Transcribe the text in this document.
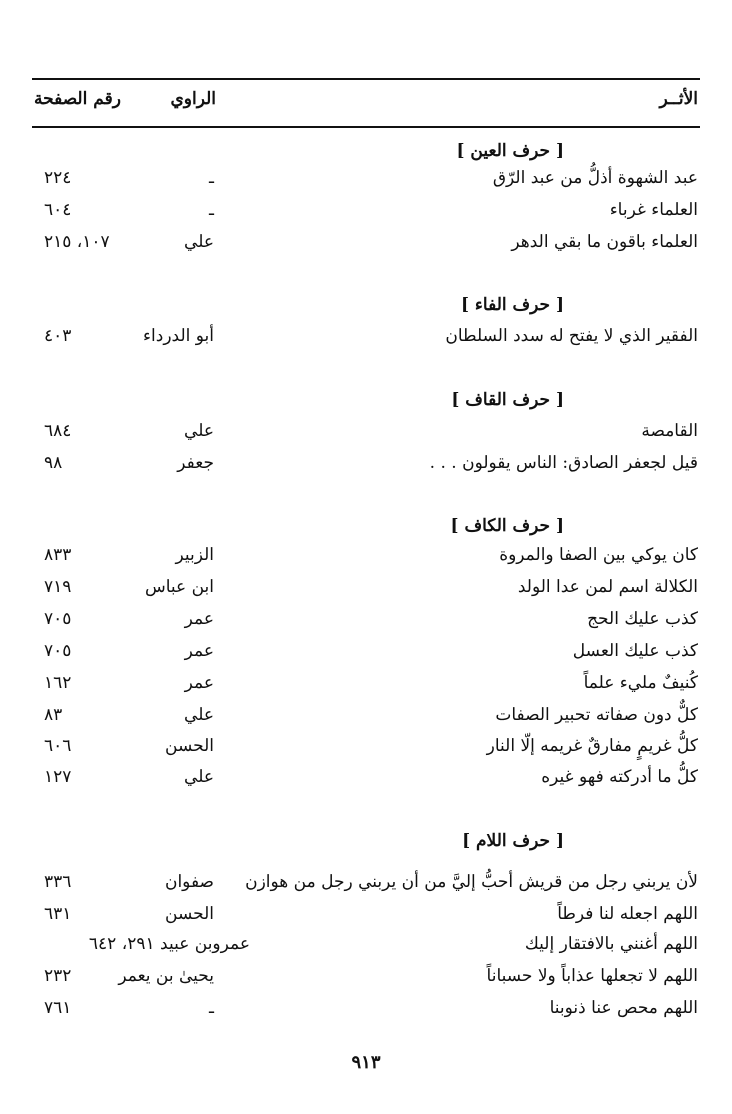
الأثــر
الراوي
رقم الصفحة
[ حرف العين ]
عبد الشهوة أذلُّ من عبد الرّق
ـ
٢٢٤
العلماء غرباء
ـ
٦٠٤
العلماء باقون ما بقي الدهر
علي
١٠٧، ٢١٥
[ حرف الفاء ]
الفقير الذي لا يفتح له سدد السلطان
أبو الدرداء
٤٠٣
[ حرف القاف ]
القامصة
علي
٦٨٤
قيل لجعفر الصادق: الناس يقولون . . .
جعفر
٩٨
[ حرف الكاف ]
كان يوكي بين الصفا والمروة
الزبير
٨٣٣
الكلالة اسم لمن عدا الولد
ابن عباس
٧١٩
كذب عليك الحج
عمر
٧٠٥
كذب عليك العسل
عمر
٧٠٥
كُنيفٌ مليء علماً
عمر
١٦٢
كلٌّ دون صفاته تحبير الصفات
علي
٨٣
كلُّ غريمٍ مفارقٌ غريمه إلّا النار
الحسن
٦٠٦
كلُّ ما أدركته فهو غيره
علي
١٢٧
[ حرف اللام ]
لأن يربني رجل من قريش أحبُّ إليَّ من أن يربني رجل من هوازن
صفوان
٣٣٦
اللهم اجعله لنا فرطاً
الحسن
٦٣١
اللهم أغنني بالافتقار إليك
عمروبن عبيد ٢٩١، ٦٤٢
اللهم لا تجعلها عذاباً ولا حسباناً
يحيىٰ بن يعمر
٢٣٢
اللهم محص عنا ذنوبنا
ـ
٧٦١
٩١٣
